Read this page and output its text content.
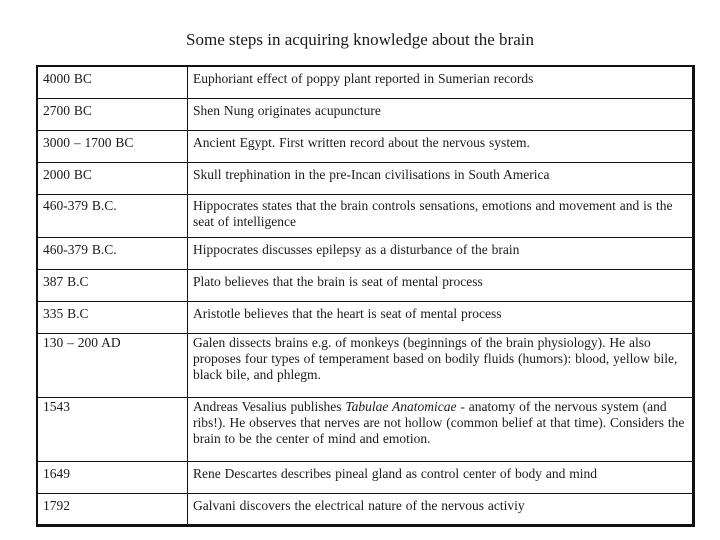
Some steps in acquiring knowledge about the brain
4000 BC	Euphoriant effect of poppy plant reported in Sumerian records
2700 BC	Shen Nung originates acupuncture
3000 – 1700 BC	Ancient Egypt. First written record about the nervous system.
2000 BC	Skull trephination in the pre-Incan civilisations in South America
460-379 B.C.	Hippocrates states that the brain controls sensations, emotions and movement and is the seat of intelligence
460-379 B.C.	Hippocrates discusses epilepsy as a disturbance of the brain
387 B.C	Plato believes that the brain is seat of mental process
335 B.C	Aristotle believes that the heart is seat of mental process
130 – 200 AD	Galen dissects brains e.g. of monkeys (beginnings of the brain physiology). He also proposes four types of temperament based on bodily fluids (humors): blood, yellow bile, black bile, and phlegm.
1543	Andreas Vesalius publishes Tabulae Anatomicae - anatomy of the nervous system (and ribs!). He observes that nerves are not hollow (common belief at that time). Considers the brain to be the center of mind and emotion.
1649	Rene Descartes describes pineal gland as control center of body and mind
1792	Galvani discovers the electrical nature of the nervous activiy
